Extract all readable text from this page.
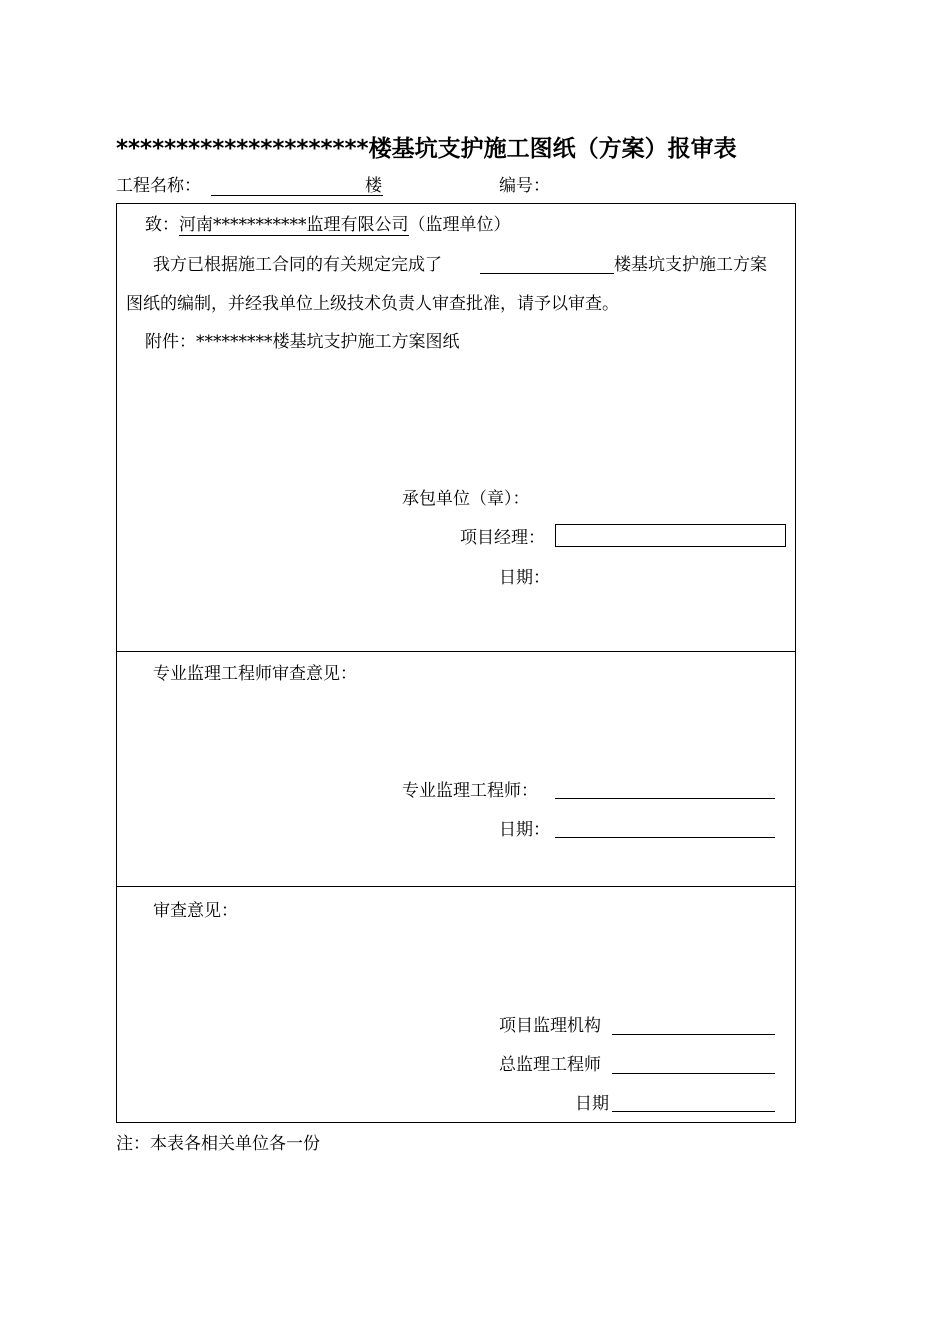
*********************楼基坑支护施工图纸（方案）报审表
工程名称：	楼	编号：
致：河南***********监理有限公司（监理单位）
我方已根据施工合同的有关规定完成了	楼基坑支护施工方案
图纸的编制，并经我单位上级技术负责人审查批准，请予以审查。
附件：*********楼基坑支护施工方案图纸
承包单位（章）：
项目经理：
日期：
专业监理工程师审查意见：
专业监理工程师：
日期：
审查意见：
项目监理机构
总监理工程师
日期
注：本表各相关单位各一份
